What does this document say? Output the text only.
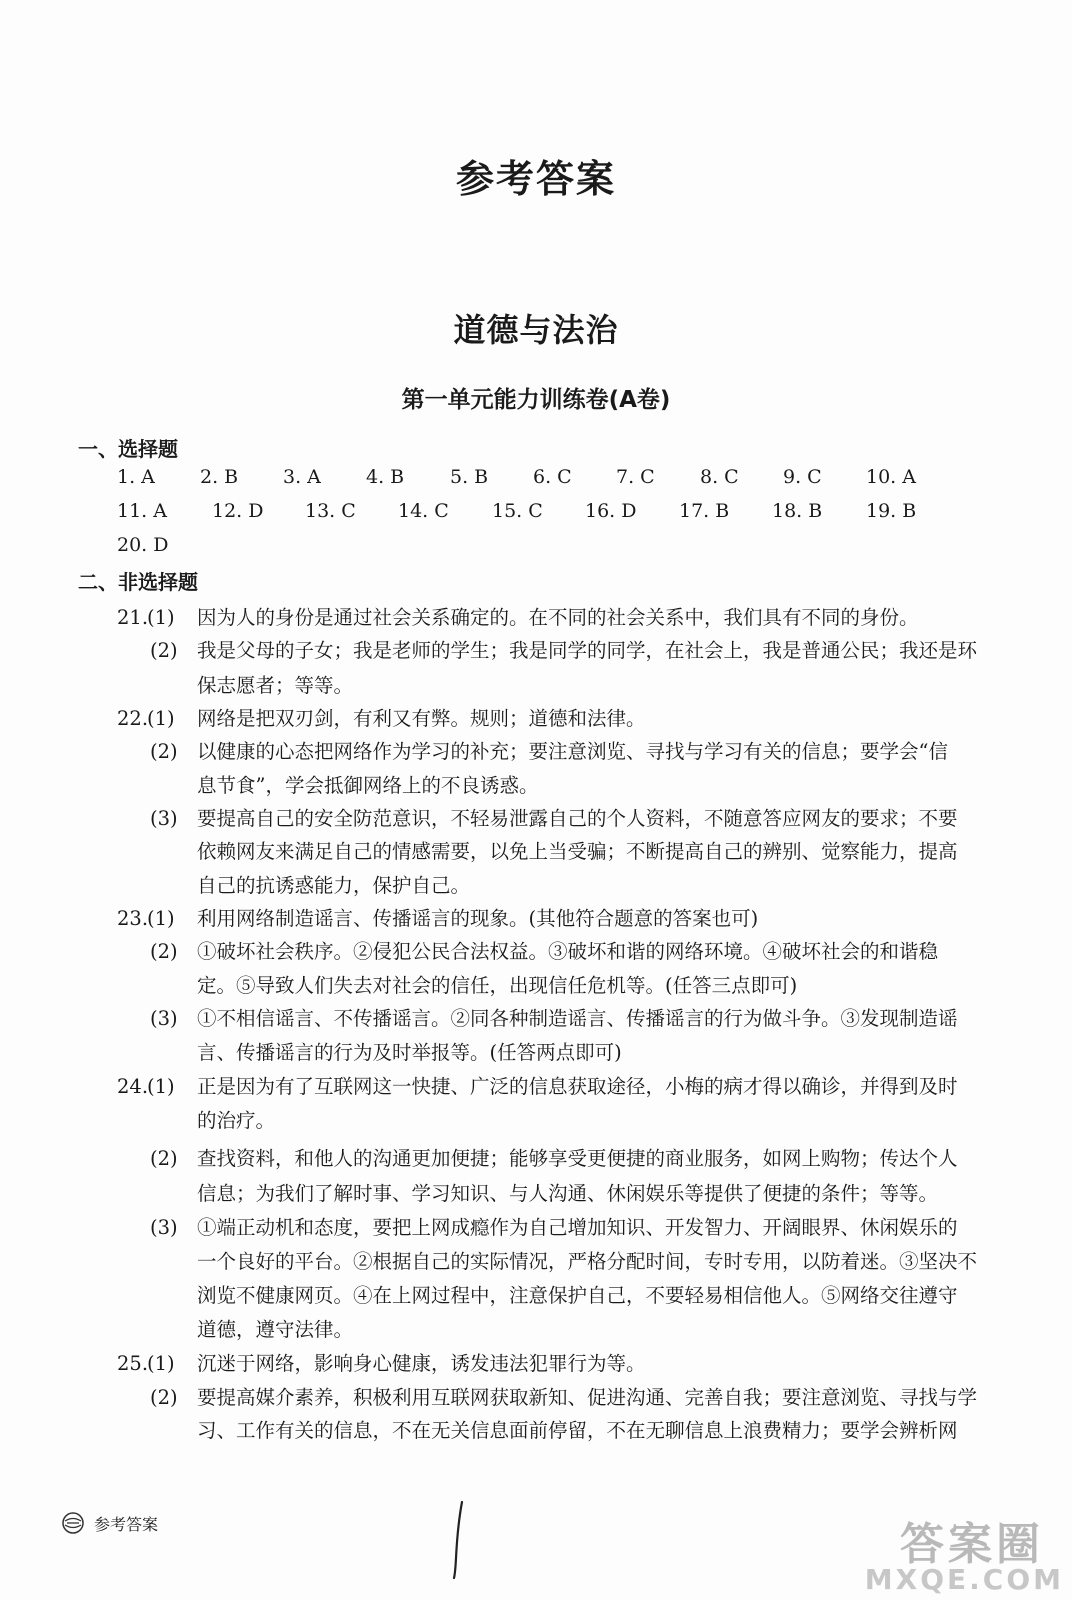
参考答案
道德与法治
第一单元能力训练卷(A卷)
一、选择题
1. A 2. B 3. A 4. B 5. B 6. C 7. C 8. C 9. C 10. A
11. A 12. D 13. C 14. C 15. C 16. D 17. B 18. B 19. B
20. D
二、非选择题
21.
(1) 因为人的身份是通过社会关系确定的。在不同的社会关系中，我们具有不同的身份。
(2) 我是父母的子女；我是老师的学生；我是同学的同学，在社会上，我是普通公民；我还是环
保志愿者；等等。
22.
(1) 网络是把双刃剑，有利又有弊。规则；道德和法律。
(2) 以健康的心态把网络作为学习的补充；要注意浏览、寻找与学习有关的信息；要学会“信
息节食”，学会抵御网络上的不良诱惑。
(3) 要提高自己的安全防范意识，不轻易泄露自己的个人资料，不随意答应网友的要求；不要
依赖网友来满足自己的情感需要，以免上当受骗；不断提高自己的辨别、觉察能力，提高
自己的抗诱惑能力，保护自己。
23.
(1) 利用网络制造谣言、传播谣言的现象。(其他符合题意的答案也可)
(2) ①破坏社会秩序。②侵犯公民合法权益。③破坏和谐的网络环境。④破坏社会的和谐稳
定。⑤导致人们失去对社会的信任，出现信任危机等。(任答三点即可)
(3) ①不相信谣言、不传播谣言。②同各种制造谣言、传播谣言的行为做斗争。③发现制造谣
言、传播谣言的行为及时举报等。(任答两点即可)
24.
(1) 正是因为有了互联网这一快捷、广泛的信息获取途径，小梅的病才得以确诊，并得到及时
的治疗。
(2) 查找资料，和他人的沟通更加便捷；能够享受更便捷的商业服务，如网上购物；传达个人
信息；为我们了解时事、学习知识、与人沟通、休闲娱乐等提供了便捷的条件；等等。
(3) ①端正动机和态度，要把上网成瘾作为自己增加知识、开发智力、开阔眼界、休闲娱乐的
一个良好的平台。②根据自己的实际情况，严格分配时间，专时专用，以防着迷。③坚决不
浏览不健康网页。④在上网过程中，注意保护自己，不要轻易相信他人。⑤网络交往遵守
道德，遵守法律。
25.
(1) 沉迷于网络，影响身心健康，诱发违法犯罪行为等。
(2) 要提高媒介素养，积极利用互联网获取新知、促进沟通、完善自我；要注意浏览、寻找与学
习、工作有关的信息，不在无关信息面前停留，不在无聊信息上浪费精力；要学会辨析网
参考答案	答案圈
MXQE.COM
